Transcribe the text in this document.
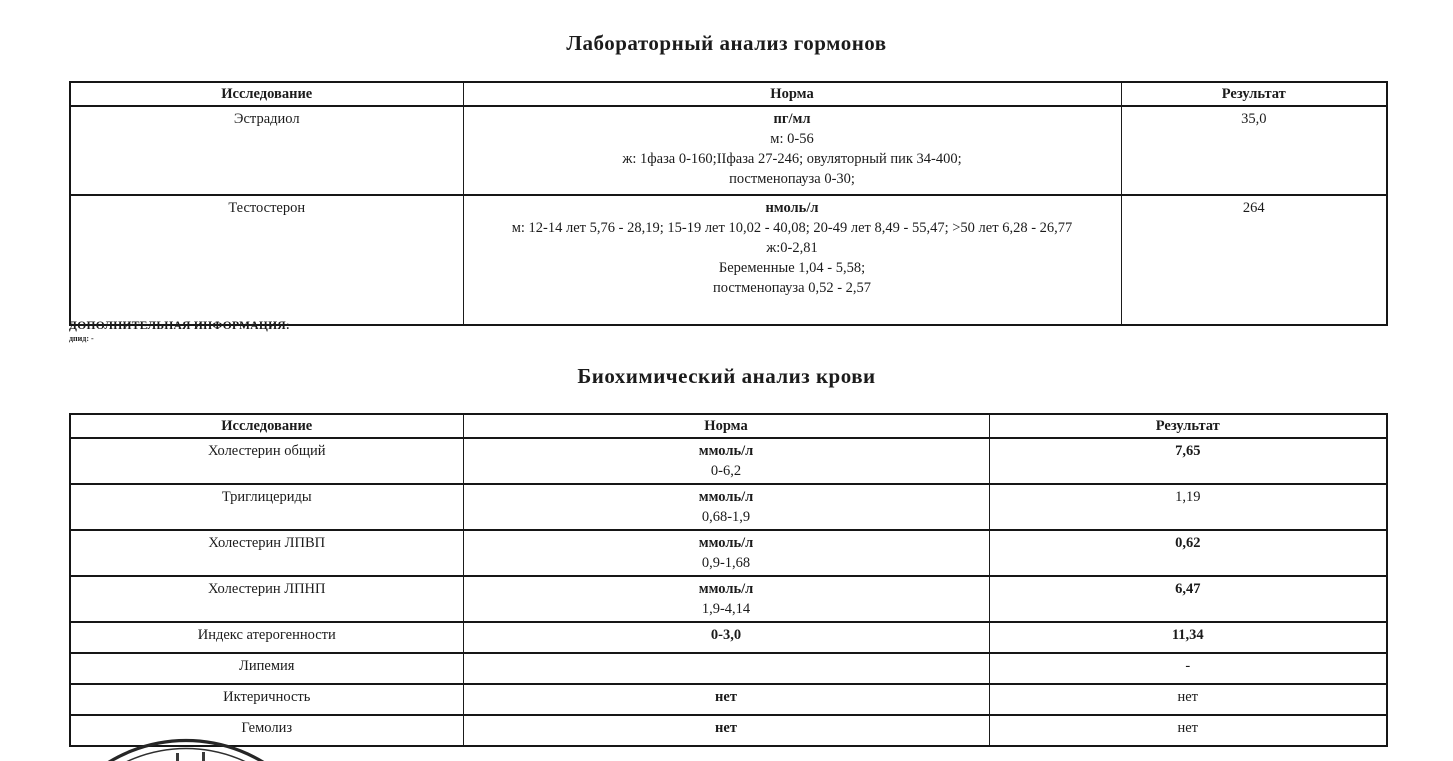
Лабораторный анализ гормонов
Исследование	Норма	Результат
Эстрадиол	пг/мл
м: 0-56
ж: 1фаза 0-160;IIфаза 27-246; овуляторный пик 34-400;
постменопауза 0-30;	35,0
Тестостерон	нмоль/л
м: 12-14 лет 5,76 - 28,19; 15-19 лет 10,02 - 40,08; 20-49 лет 8,49 - 55,47; >50 лет 6,28 - 26,77
ж:0-2,81
Беременные 1,04 - 5,58;
постменопауза 0,52 - 2,57	264
ДОПОЛНИТЕЛЬНАЯ ИНФОРМАЦИЯ:
дпид: -
Биохимический анализ крови
Исследование	Норма	Результат
Холестерин общий	ммоль/л
0-6,2	7,65
Триглицериды	ммоль/л
0,68-1,9	1,19
Холестерин ЛПВП	ммоль/л
0,9-1,68	0,62
Холестерин ЛПНП	ммоль/л
1,9-4,14	6,47
Индекс атерогенности	0-3,0	11,34
Липемия		-
Иктеричность	нет	нет
Гемолиз	нет	нет
